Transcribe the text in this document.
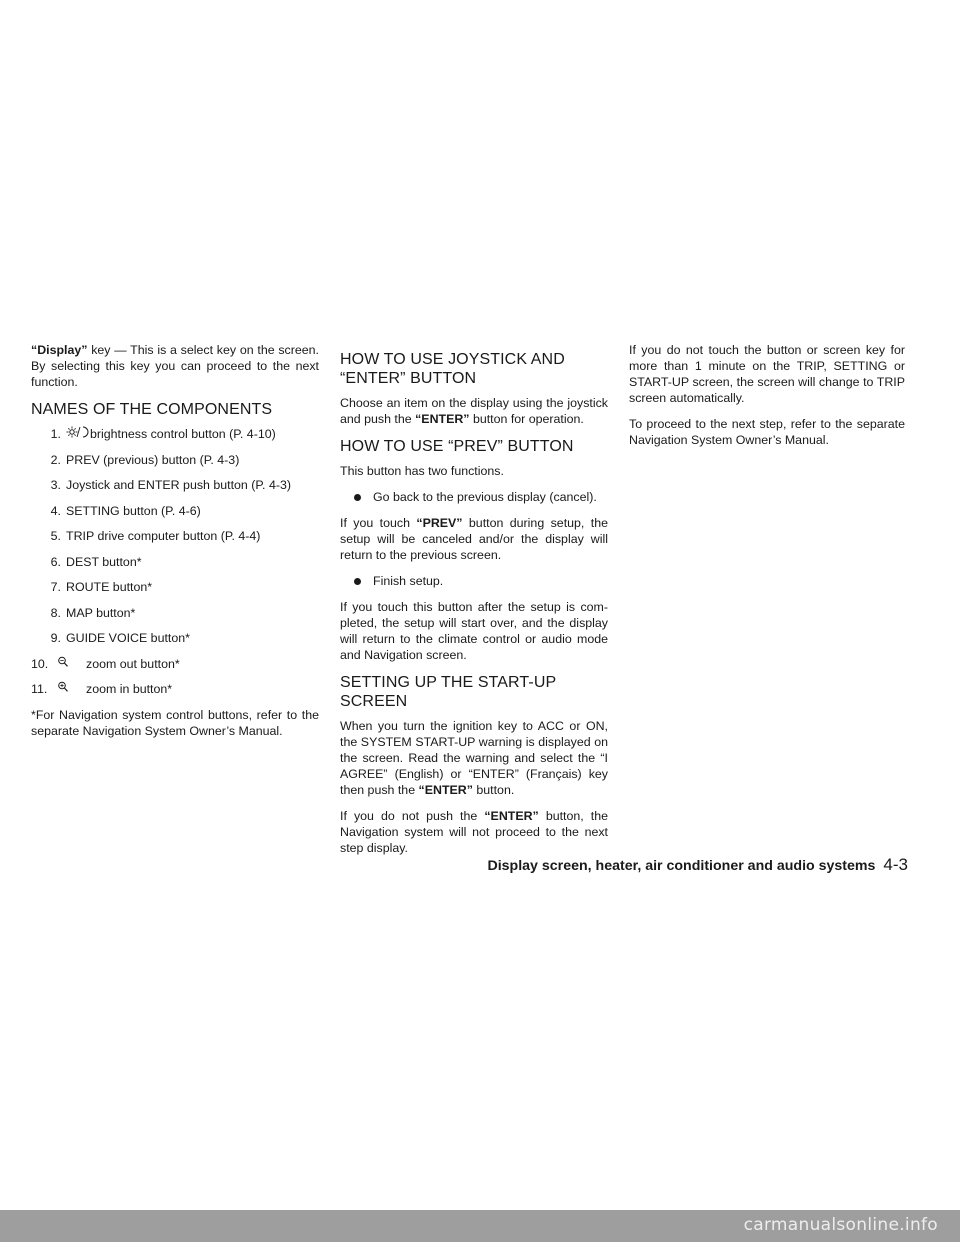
“Display” key — This is a select key on the screen. By selecting this key you can proceed to the next function.

NAMES OF THE COMPONENTS
1. brightness control button (P. 4-10)
2. PREV (previous) button (P. 4-3)
3. Joystick and ENTER push button (P. 4-3)
4. SETTING button (P. 4-6)
5. TRIP drive computer button (P. 4-4)
6. DEST button*
7. ROUTE button*
8. MAP button*
9. GUIDE VOICE button*
10.	zoom out button*
11.	zoom in button*

*For Navigation system control buttons, refer to the separate Navigation System Owner’s Manual.

HOW TO USE JOYSTICK AND “ENTER” BUTTON

Choose an item on the display using the joystick and push the “ENTER” button for operation.

HOW TO USE “PREV” BUTTON

This button has two functions.

Go back to the previous display (cancel).

If you touch “PREV” button during setup, the setup will be canceled and/or the display will return to the previous screen.

Finish setup.

If you touch this button after the setup is com-pleted, the setup will start over, and the display will return to the climate control or audio mode and Navigation screen.

SETTING UP THE START-UP SCREEN

When you turn the ignition key to ACC or ON, the SYSTEM START-UP warning is displayed on the screen. Read the warning and select the “I AGREE” (English) or “ENTER” (Français) key then push the “ENTER” button.

If you do not push the “ENTER” button, the Navigation system will not proceed to the next step display.

If you do not touch the button or screen key for more than 1 minute on the TRIP, SETTING or START-UP screen, the screen will change to TRIP screen automatically.

To proceed to the next step, refer to the separate Navigation System Owner’s Manual.

Display screen, heater, air conditioner and audio systems 4-3
carmanualsonline.info
